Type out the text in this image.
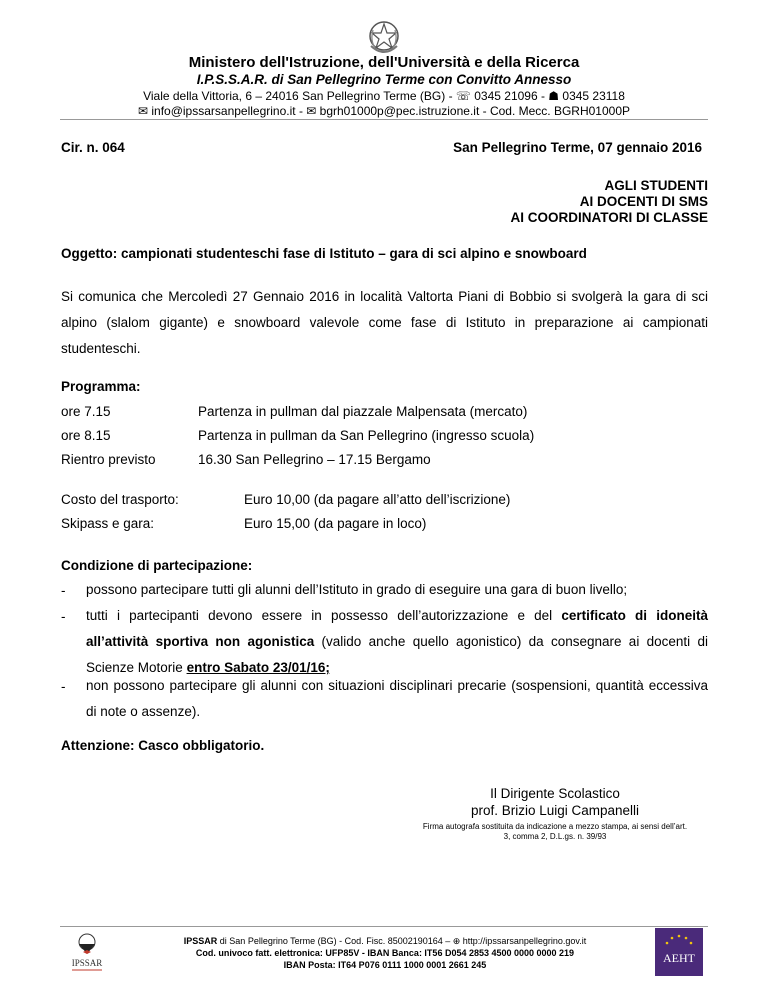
Ministero dell'Istruzione, dell'Università e della Ricerca
I.P.S.S.A.R. di San Pellegrino Terme con Convitto Annesso
Viale della Vittoria, 6 – 24016 San Pellegrino Terme (BG) - ☏ 0345 21096 - ☗ 0345 23118
✉ info@ipssarsanpellegrino.it - ✉ bgrh01000p@pec.istruzione.it - Cod. Mecc. BGRH01000P
Cir. n. 064	San Pellegrino Terme, 07 gennaio 2016
AGLI STUDENTI
AI DOCENTI DI SMS
AI COORDINATORI DI CLASSE
Oggetto: campionati studenteschi fase di Istituto – gara di sci alpino e snowboard
Si comunica che Mercoledì 27 Gennaio 2016 in località Valtorta Piani di Bobbio si svolgerà la gara di sci alpino (slalom gigante) e snowboard valevole come fase di Istituto in preparazione ai campionati studenteschi.
Programma:
ore 7.15	Partenza in pullman dal piazzale Malpensata (mercato)
ore 8.15	Partenza in pullman da San Pellegrino (ingresso scuola)
Rientro previsto	16.30 San Pellegrino – 17.15 Bergamo
Costo del trasporto:	Euro 10,00 (da pagare all’atto dell’iscrizione)
Skipass e gara:	Euro 15,00 (da pagare in loco)
Condizione di partecipazione:
- possono partecipare tutti gli alunni dell’Istituto in grado di eseguire una gara di buon livello;
- tutti i partecipanti devono essere in possesso dell’autorizzazione e del certificato di idoneità all’attività sportiva non agonistica (valido anche quello agonistico) da consegnare ai docenti di Scienze Motorie entro Sabato 23/01/16;
- non possono partecipare gli alunni con situazioni disciplinari precarie (sospensioni, quantità eccessiva di note o assenze).
Attenzione: Casco obbligatorio.
Il Dirigente Scolastico
prof. Brizio Luigi Campanelli
Firma autografa sostituita da indicazione a mezzo stampa, ai sensi dell’art. 3, comma 2, D.L.gs. n. 39/93
IPSSAR
IPSSAR di San Pellegrino Terme (BG) - Cod. Fisc. 85002190164 – ⊕ http://ipssarsanpellegrino.gov.it
Cod. univoco fatt. elettronica: UFP85V - IBAN Banca: IT56 D054 2853 4500 0000 0000 219
IBAN Posta: IT64 P076 0111 1000 0001 2661 245	AEHT
